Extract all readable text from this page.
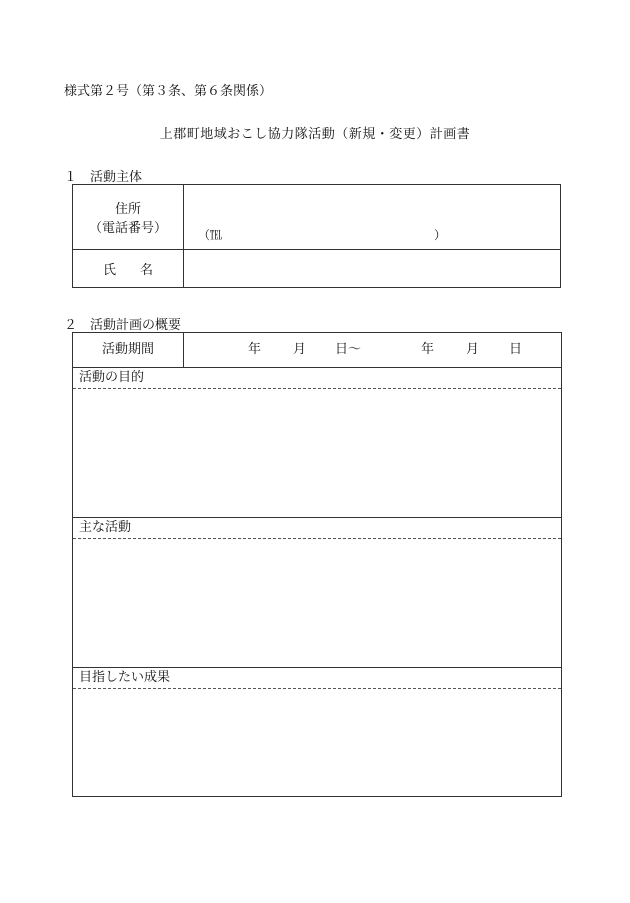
様式第２号（第３条、第６条関係）
上郡町地域おこし協力隊活動（新規・変更）計画書
１ 活動主体
住所
（電話番号）	（℡ ）

氏 名	

２ 活動計画の概要
活動期間	年 月 日～	年 月 日
活動の目的
主な活動
目指したい成果
